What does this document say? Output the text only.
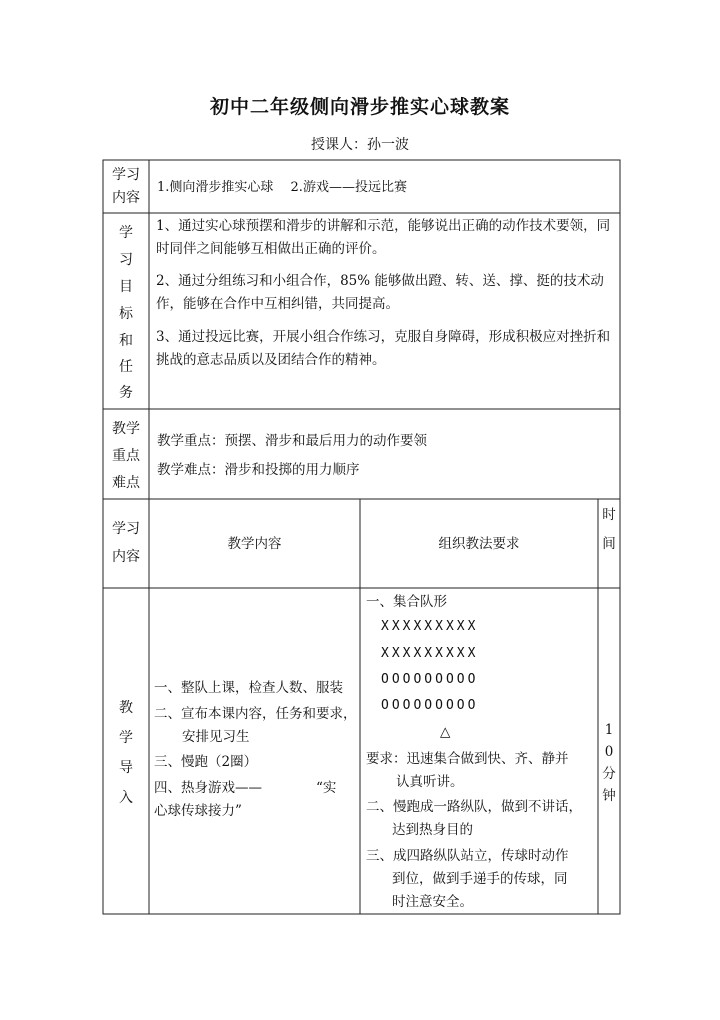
初中二年级侧向滑步推实心球教案
授课人：孙一波
学习内容
1.侧向滑步推实心球　 2.游戏——投远比赛
学
习
目
标
和
任
务
1、通过实心球预摆和滑步的讲解和示范，能够说出正确的动作技术要领，同时同伴之间能够互相做出正确的评价。
2、通过分组练习和小组合作，85% 能够做出蹬、转、送、撑、挺的技术动作，能够在合作中互相纠错，共同提高。
3、通过投远比赛，开展小组合作练习，克服自身障碍，形成积极应对挫折和挑战的意志品质以及团结合作的精神。
教学
重点
难点
教学重点：预摆、滑步和最后用力的动作要领
教学难点：滑步和投掷的用力顺序
学习
内容
教学内容	组织教法要求
时
间
教
学
导
入
一、整队上课，检查人数、服装
二、宣布本课内容，任务和要求，
安排见习生
三、慢跑（2圈）
四、热身游戏——　　　　“实
心球传球接力”
一、集合队形
XXXXXXXXX
XXXXXXXXX
OOOOOOOOO
OOOOOOOOO
△
要求：迅速集合做到快、齐、静并
认真听讲。
二、慢跑成一路纵队，做到不讲话，
达到热身目的
三、成四路纵队站立，传球时动作
到位，做到手递手的传球，同
时注意安全。
1
0
分
钟
